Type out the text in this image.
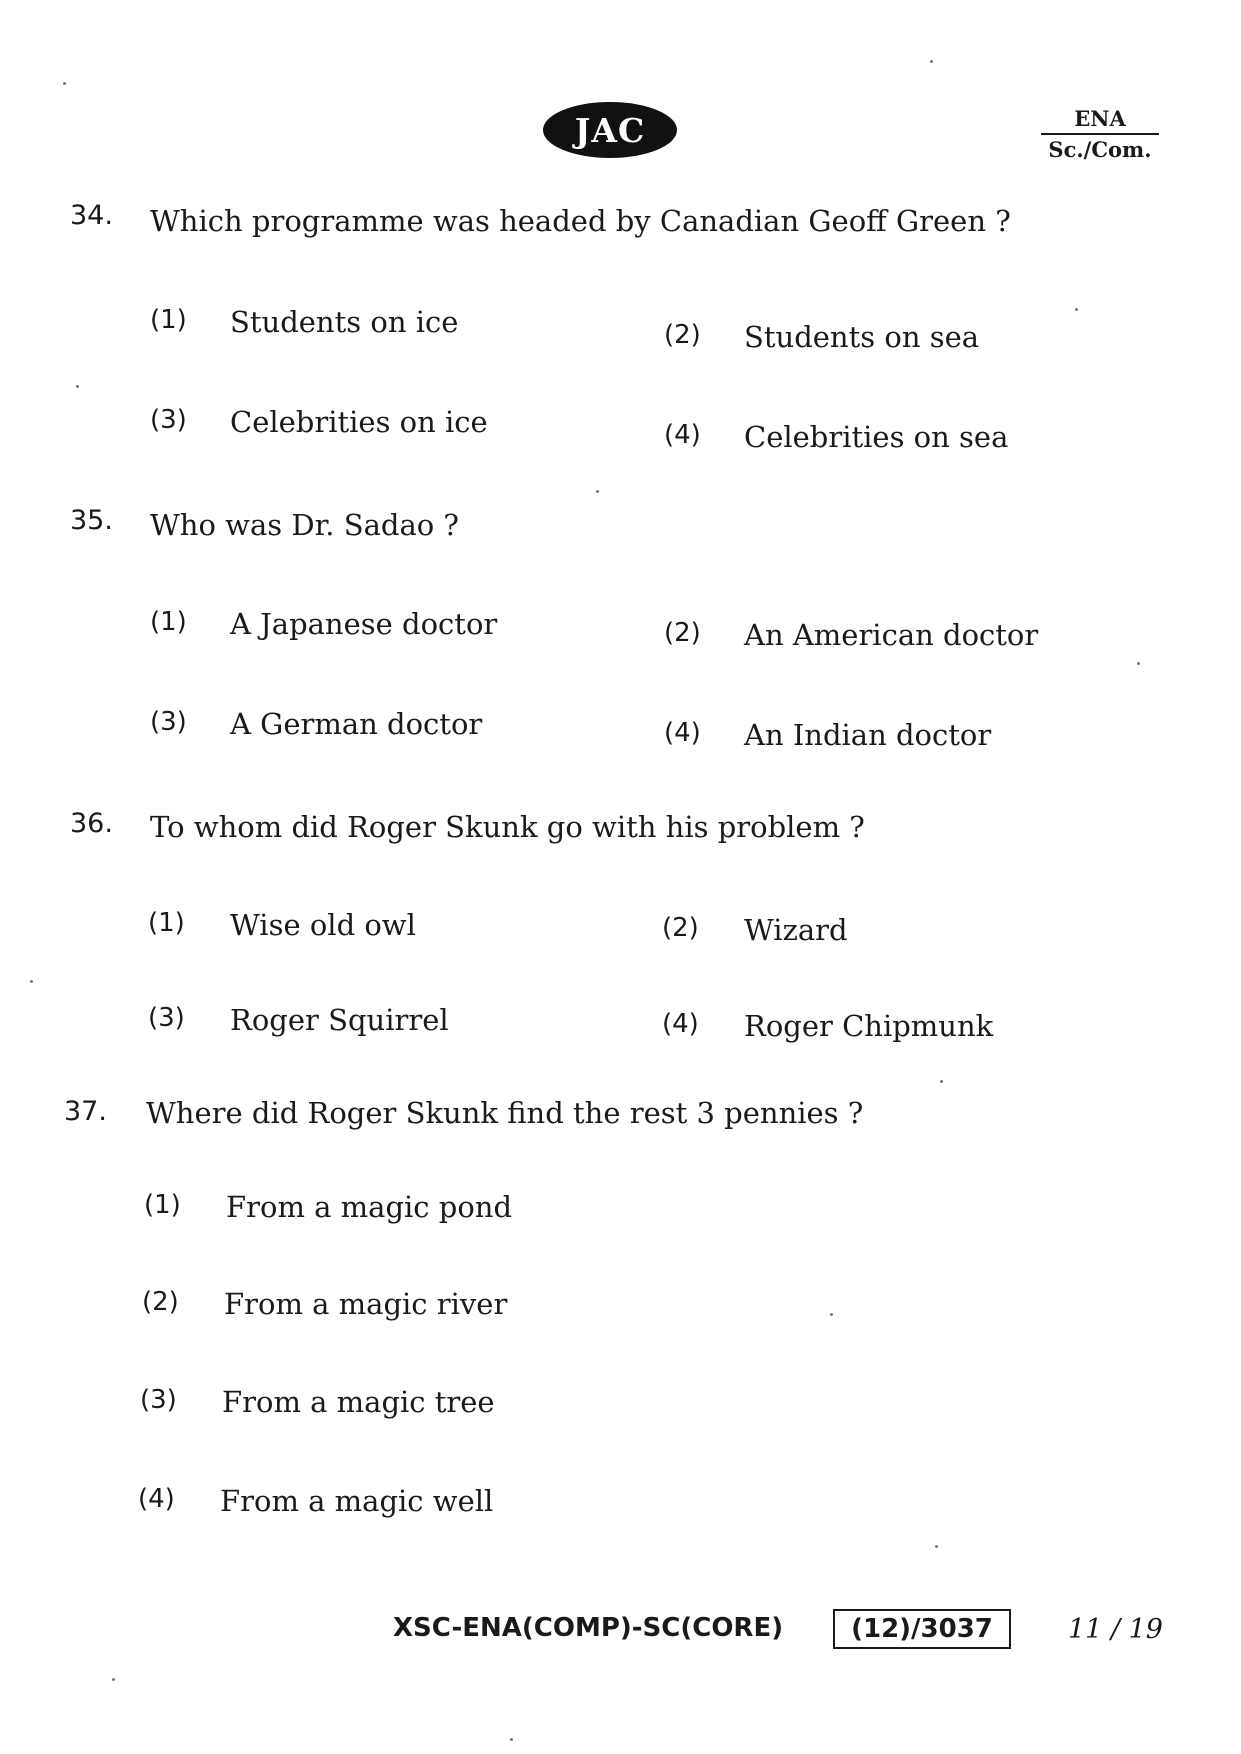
JAC	ENA
Sc./Com.
34. Which programme was headed by Canadian Geoff Green ?
(1) Students on ice	(2) Students on sea
(3) Celebrities on ice	(4) Celebrities on sea
35. Who was Dr. Sadao ?
(1) A Japanese doctor	(2) An American doctor
(3) A German doctor	(4) An Indian doctor
36. To whom did Roger Skunk go with his problem ?
(1) Wise old owl	(2) Wizard
(3) Roger Squirrel	(4) Roger Chipmunk
37. Where did Roger Skunk find the rest 3 pennies ?
(1) From a magic pond
(2) From a magic river
(3) From a magic tree
(4) From a magic well
XSC-ENA(COMP)-SC(CORE)	(12)/3037	11 / 19
